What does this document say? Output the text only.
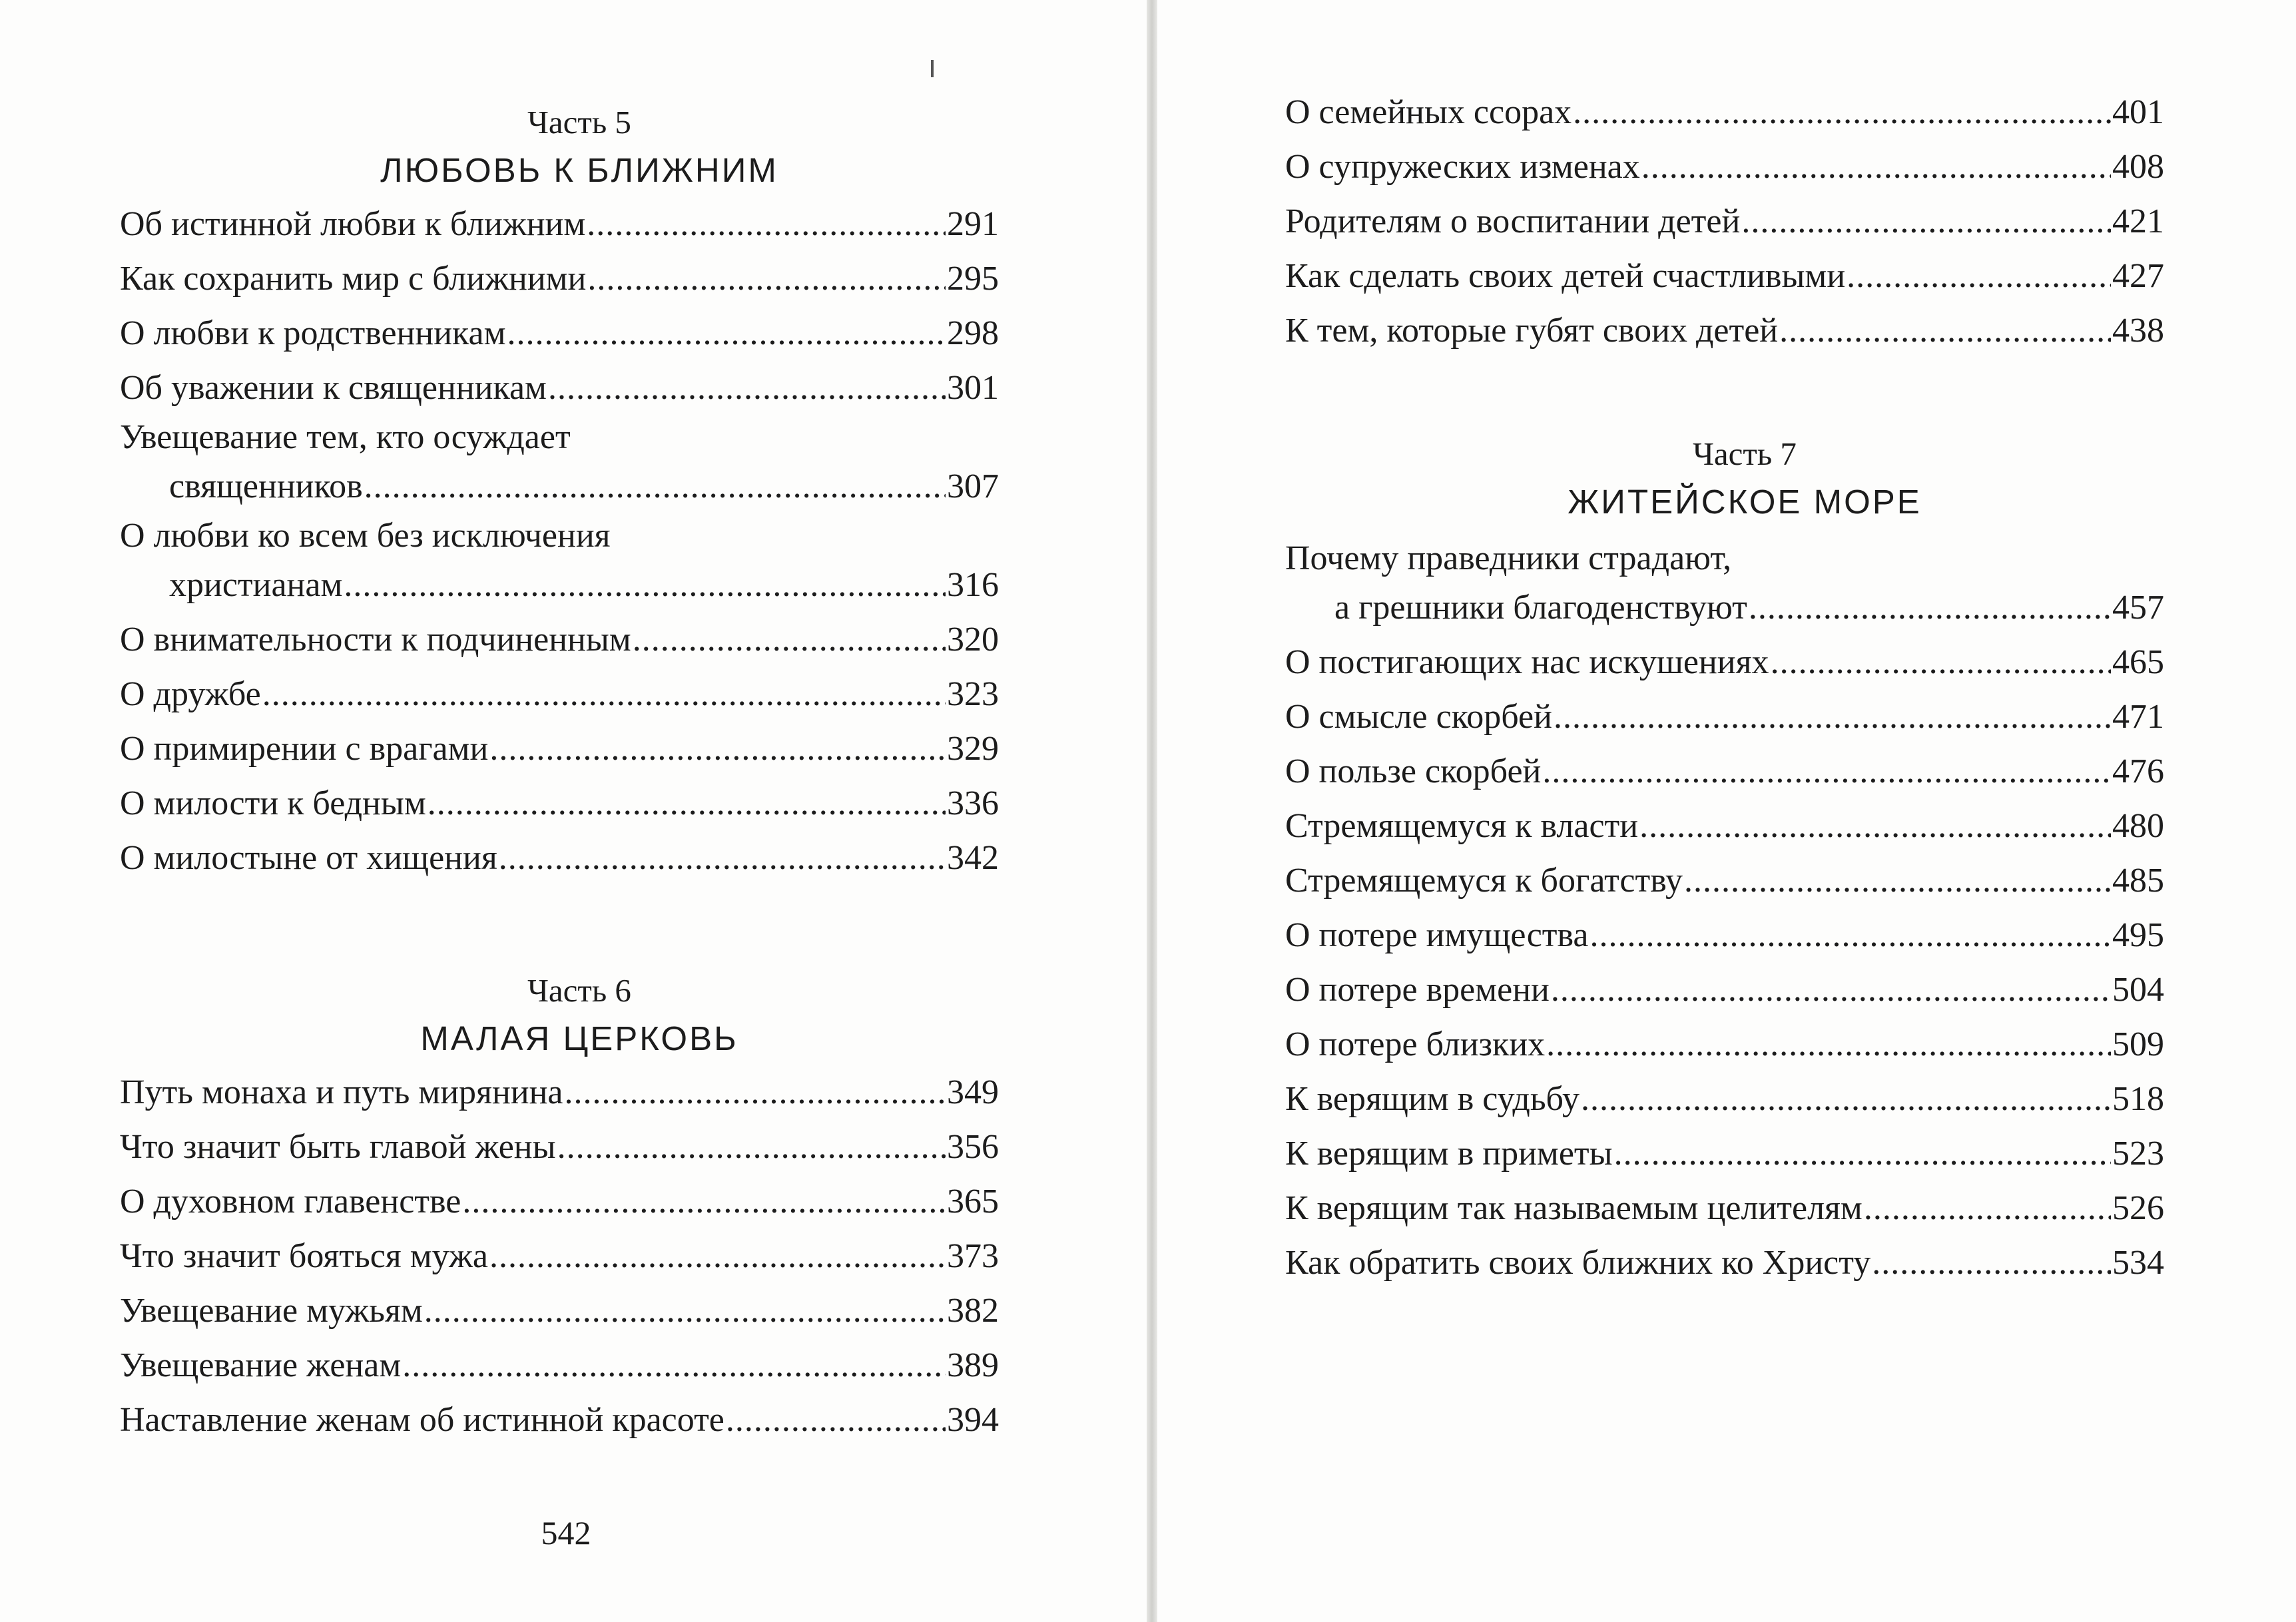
Часть 5
ЛЮБОВЬ К БЛИЖНИМ
Об истинной любви к ближним .....	291
Как сохранить мир с ближними .....	295
О любви к родственникам .....	298
Об уважении к священникам .....	301
Увещевание тем, кто осуждает
священников .....	307
О любви ко всем без исключения
христианам .....	316
О внимательности к подчиненным .....	320
О дружбе .....	323
О примирении с врагами .....	329
О милости к бедным .....	336
О милостыне от хищения .....	342
Часть 6
МАЛАЯ ЦЕРКОВЬ
Путь монаха и путь мирянина .....	349
Что значит быть главой жены .....	356
О духовном главенстве .....	365
Что значит бояться мужа .....	373
Увещевание мужьям .....	382
Увещевание женам .....	389
Наставление женам об истинной красоте .....	394
542
О семейных ссорах .....	401
О супружеских изменах .....	408
Родителям о воспитании детей .....	421
Как сделать своих детей счастливыми .....	427
К тем, которые губят своих детей .....	438
Часть 7
ЖИТЕЙСКОЕ МОРЕ
Почему праведники страдают,
а грешники благоденствуют .....	457
О постигающих нас искушениях .....	465
О смысле скорбей .....	471
О пользе скорбей .....	476
Стремящемуся к власти .....	480
Стремящемуся к богатству .....	485
О потере имущества .....	495
О потере времени .....	504
О потере близких .....	509
К верящим в судьбу .....	518
К верящим в приметы .....	523
К верящим так называемым целителям .....	526
Как обратить своих ближних ко Христу .....	534
